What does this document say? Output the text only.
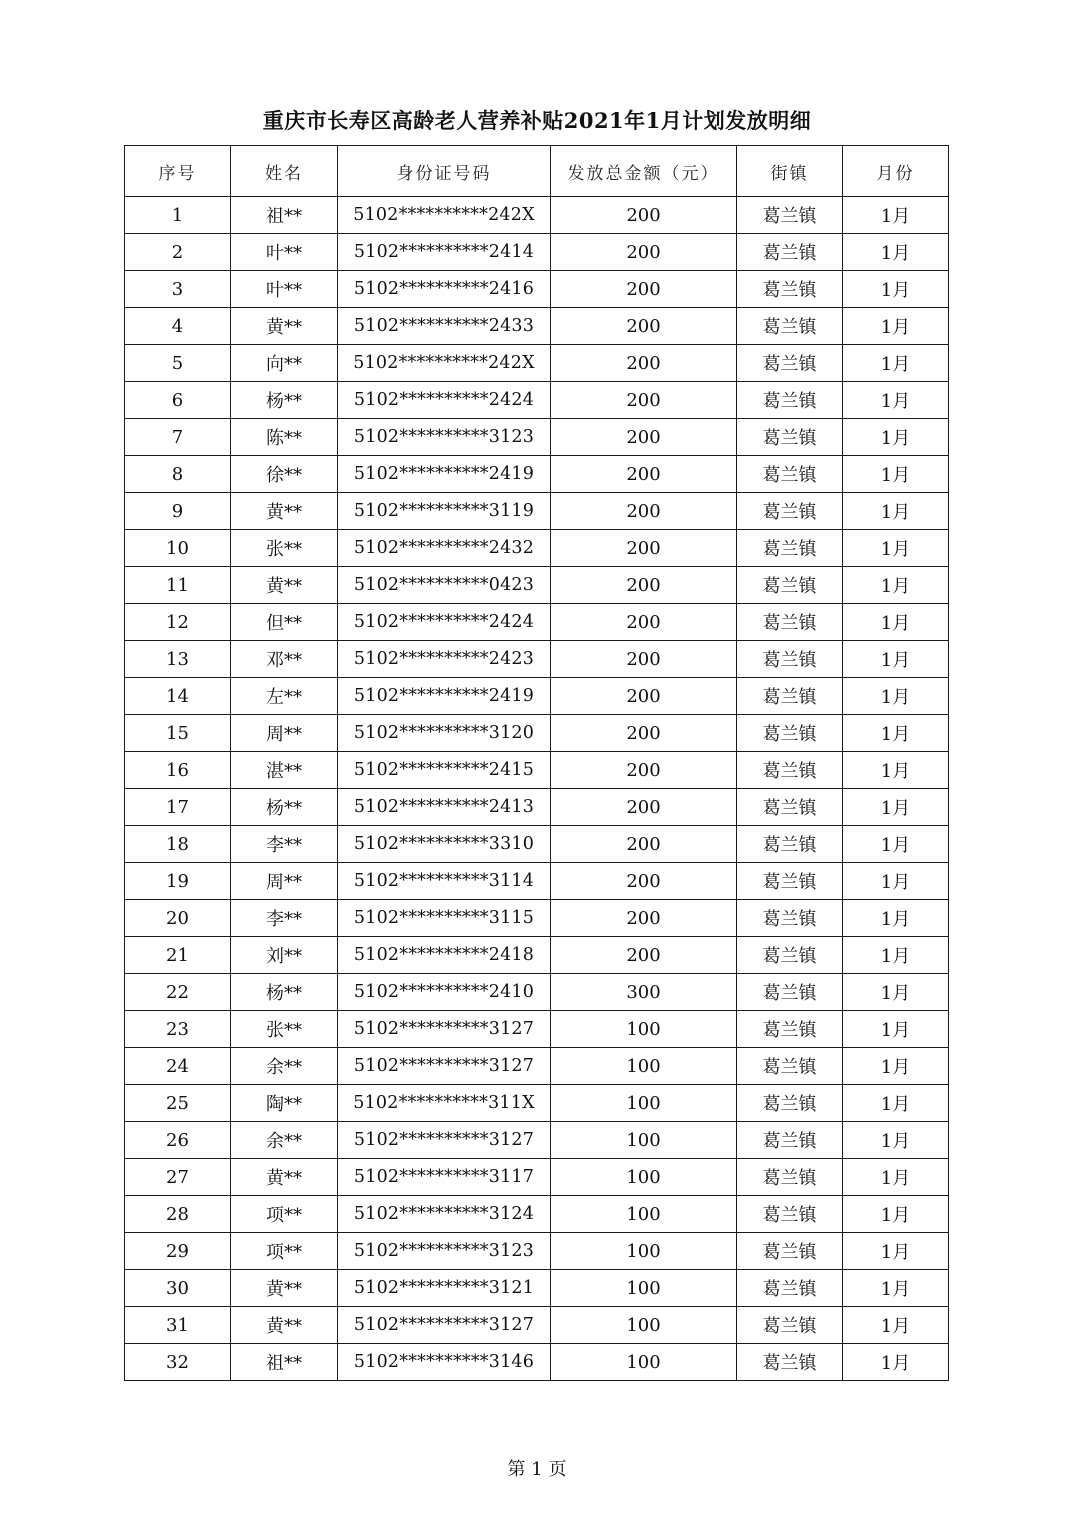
重庆市长寿区高龄老人营养补贴2021年1月计划发放明细
序号	姓名	身份证号码	发放总金额（元）	街镇	月份
1	祖**	5102**********242X	200	葛兰镇	1月
2	叶**	5102**********2414	200	葛兰镇	1月
3	叶**	5102**********2416	200	葛兰镇	1月
4	黄**	5102**********2433	200	葛兰镇	1月
5	向**	5102**********242X	200	葛兰镇	1月
6	杨**	5102**********2424	200	葛兰镇	1月
7	陈**	5102**********3123	200	葛兰镇	1月
8	徐**	5102**********2419	200	葛兰镇	1月
9	黄**	5102**********3119	200	葛兰镇	1月
10	张**	5102**********2432	200	葛兰镇	1月
11	黄**	5102**********0423	200	葛兰镇	1月
12	但**	5102**********2424	200	葛兰镇	1月
13	邓**	5102**********2423	200	葛兰镇	1月
14	左**	5102**********2419	200	葛兰镇	1月
15	周**	5102**********3120	200	葛兰镇	1月
16	湛**	5102**********2415	200	葛兰镇	1月
17	杨**	5102**********2413	200	葛兰镇	1月
18	李**	5102**********3310	200	葛兰镇	1月
19	周**	5102**********3114	200	葛兰镇	1月
20	李**	5102**********3115	200	葛兰镇	1月
21	刘**	5102**********2418	200	葛兰镇	1月
22	杨**	5102**********2410	300	葛兰镇	1月
23	张**	5102**********3127	100	葛兰镇	1月
24	余**	5102**********3127	100	葛兰镇	1月
25	陶**	5102**********311X	100	葛兰镇	1月
26	余**	5102**********3127	100	葛兰镇	1月
27	黄**	5102**********3117	100	葛兰镇	1月
28	项**	5102**********3124	100	葛兰镇	1月
29	项**	5102**********3123	100	葛兰镇	1月
30	黄**	5102**********3121	100	葛兰镇	1月
31	黄**	5102**********3127	100	葛兰镇	1月
32	祖**	5102**********3146	100	葛兰镇	1月
第 1 页
